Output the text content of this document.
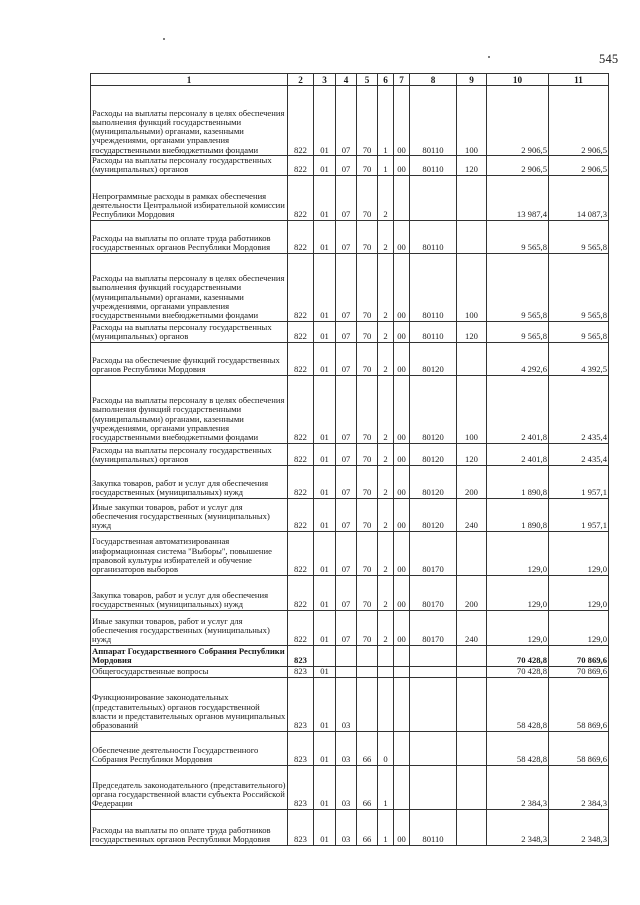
545
1	2	3	4	5	6	7	8	9	10	11
Расходы на выплаты персоналу в целях обеспечения выполнения функций государственными (муниципальными) органами, казенными учреждениями, органами управления государственными внебюджетными фондами	822	01	07	70	1	00	80110	100	2 906,5	2 906,5
Расходы на выплаты персоналу государственных (муниципальных) органов	822	01	07	70	1	00	80110	120	2 906,5	2 906,5
Непрограммные расходы в рамках обеспечения деятельности Центральной избирательной комиссии Республики Мордовия	822	01	07	70	2				13 987,4	14 087,3
Расходы на выплаты по оплате труда работников государственных органов Республики Мордовия	822	01	07	70	2	00	80110		9 565,8	9 565,8
Расходы на выплаты персоналу в целях обеспечения выполнения функций государственными (муниципальными) органами, казенными учреждениями, органами управления государственными внебюджетными фондами	822	01	07	70	2	00	80110	100	9 565,8	9 565,8
Расходы на выплаты персоналу государственных (муниципальных) органов	822	01	07	70	2	00	80110	120	9 565,8	9 565,8
Расходы на обеспечение функций государственных органов Республики Мордовия	822	01	07	70	2	00	80120		4 292,6	4 392,5
Расходы на выплаты персоналу в целях обеспечения выполнения функций государственными (муниципальными) органами, казенными учреждениями, органами управления государственными внебюджетными фондами	822	01	07	70	2	00	80120	100	2 401,8	2 435,4
Расходы на выплаты персоналу государственных (муниципальных) органов	822	01	07	70	2	00	80120	120	2 401,8	2 435,4
Закупка товаров, работ и услуг для обеспечения государственных (муниципальных) нужд	822	01	07	70	2	00	80120	200	1 890,8	1 957,1
Иные закупки товаров, работ и услуг для обеспечения государственных (муниципальных) нужд	822	01	07	70	2	00	80120	240	1 890,8	1 957,1
Государственная автоматизированная информационная система "Выборы", повышение правовой культуры избирателей и обучение организаторов выборов	822	01	07	70	2	00	80170		129,0	129,0
Закупка товаров, работ и услуг для обеспечения государственных (муниципальных) нужд	822	01	07	70	2	00	80170	200	129,0	129,0
Иные закупки товаров, работ и услуг для обеспечения государственных (муниципальных) нужд	822	01	07	70	2	00	80170	240	129,0	129,0
Аппарат Государственного Собрания Республики Мордовия	823								70 428,8	70 869,6
Общегосударственные вопросы	823	01							70 428,8	70 869,6
Функционирование законодательных (представительных) органов государственной власти и представительных органов муниципальных образований	823	01	03						58 428,8	58 869,6
Обеспечение деятельности Государственного Собрания Республики Мордовия	823	01	03	66	0				58 428,8	58 869,6
Председатель законодательного (представительного) органа государственной власти субъекта Российской Федерации	823	01	03	66	1				2 384,3	2 384,3
Расходы на выплаты по оплате труда работников государственных органов Республики Мордовия	823	01	03	66	1	00	80110		2 348,3	2 348,3
